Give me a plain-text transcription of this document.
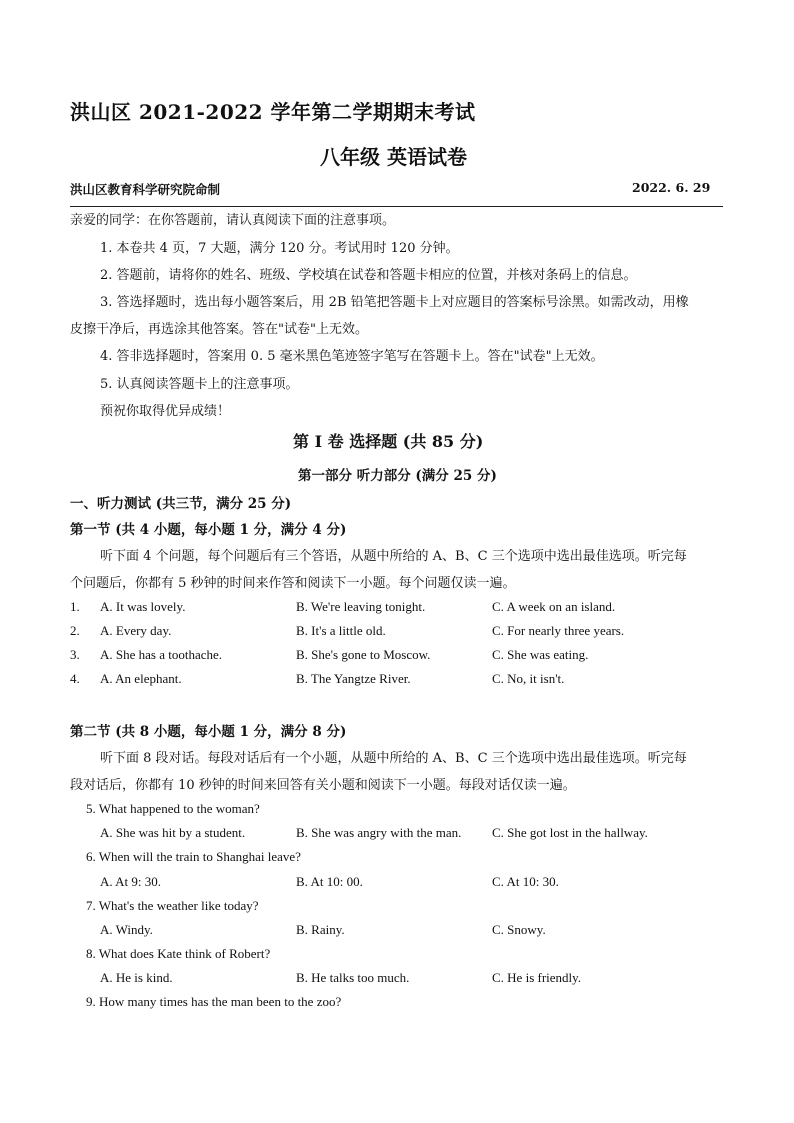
洪山区 2021-2022 学年第二学期期末考试
八年级 英语试卷
洪山区教育科学研究院命制	2022. 6. 29
亲爱的同学：在你答题前，请认真阅读下面的注意事项。
1. 本卷共 4 页，7 大题，满分 120 分。考试用时 120 分钟。
2. 答题前，请将你的姓名、班级、学校填在试卷和答题卡相应的位置，并核对条码上的信息。
3. 答选择题时，选出每小题答案后，用 2B 铅笔把答题卡上对应题目的答案标号涂黑。如需改动，用橡
皮擦干净后，再选涂其他答案。答在"试卷"上无效。
4. 答非选择题时，答案用 0. 5 毫米黑色笔迹签字笔写在答题卡上。答在"试卷"上无效。
5. 认真阅读答题卡上的注意事项。
预祝你取得优异成绩！
第 I 卷 选择题 (共 85 分)
第一部分 听力部分 (满分 25 分)
一、听力测试 (共三节，满分 25 分)
第一节 (共 4 小题，每小题 1 分，满分 4 分)
听下面 4 个问题，每个问题后有三个答语，从题中所给的 A、B、C 三个选项中选出最佳选项。听完每
个问题后，你都有 5 秒钟的时间来作答和阅读下一小题。每个问题仅读一遍。
1. A. It was lovely.	B. We're leaving tonight.	C. A week on an island.
2. A. Every day.	B. It's a little old.	C. For nearly three years.
3. A. She has a toothache.	B. She's gone to Moscow.	C. She was eating.
4. A. An elephant.	B. The Yangtze River.	C. No, it isn't.
第二节 (共 8 小题，每小题 1 分，满分 8 分)
听下面 8 段对话。每段对话后有一个小题，从题中所给的 A、B、C 三个选项中选出最佳选项。听完每
段对话后，你都有 10 秒钟的时间来回答有关小题和阅读下一小题。每段对话仅读一遍。
5. What happened to the woman?
A. She was hit by a student.	B. She was angry with the man. C. She got lost in the hallway.
6. When will the train to Shanghai leave?
A. At 9: 30.	B. At 10: 00.	C. At 10: 30.
7. What's the weather like today?
A. Windy.	B. Rainy.	C. Snowy.
8. What does Kate think of Robert?
A. He is kind.	B. He talks too much.	C. He is friendly.
9. How many times has the man been to the zoo?
